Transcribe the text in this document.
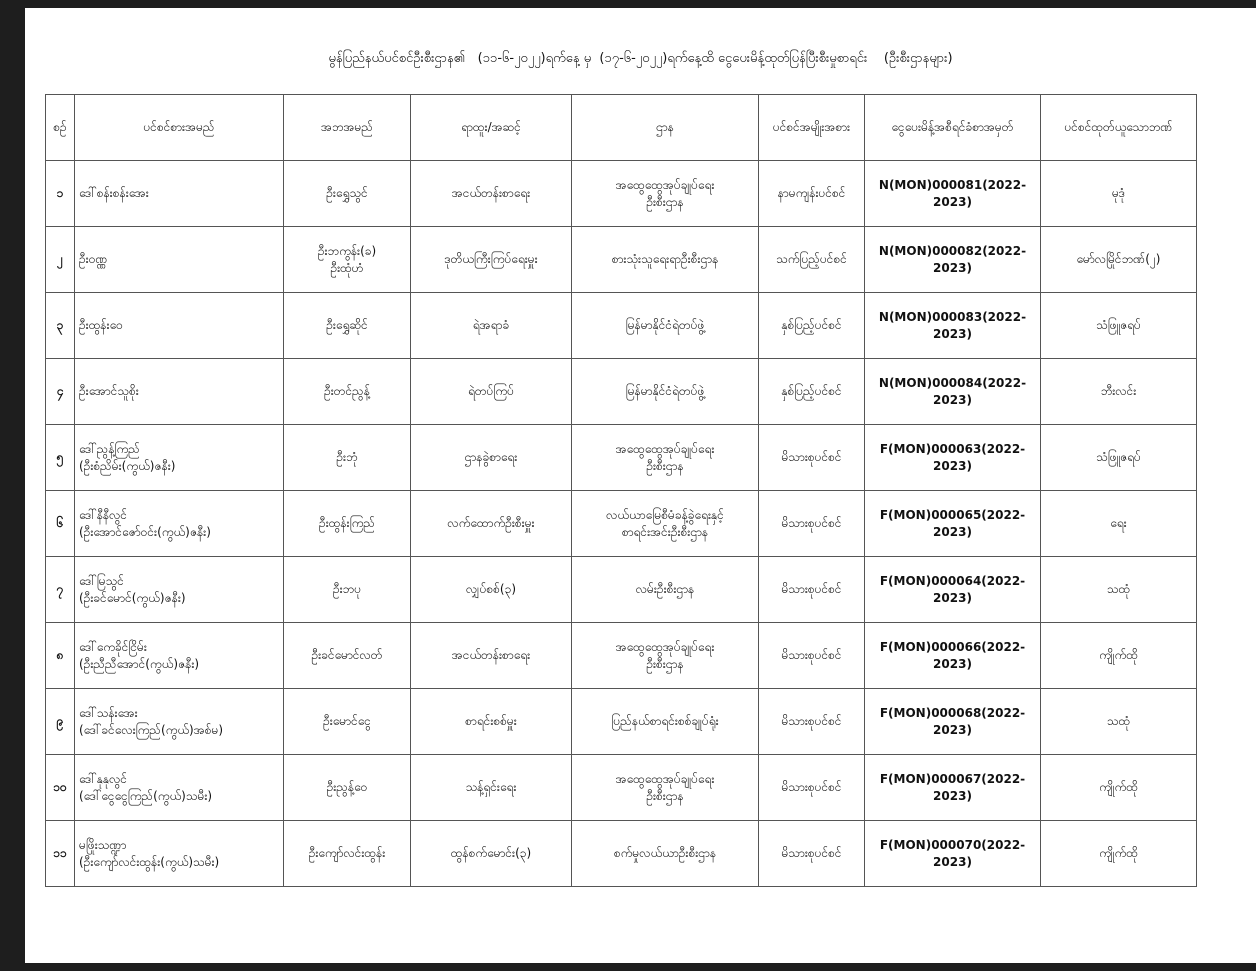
မွန်ပြည်နယ်ပင်စင်ဦးစီးဌာန၏   (၁၁-၆-၂၀၂၂)ရက်နေ့ မှ  (၁၇-၆-၂၀၂၂)ရက်နေ့ထိ ငွေပေးမိန့်ထုတ်ပြန်ပြီးစီးမှုစာရင်း    (ဦးစီးဌာနများ)
စဉ်	ပင်စင်စားအမည်	အဘအမည်	ရာထူး/အဆင့်	ဌာန	ပင်စင်အမျိုးအစား	ငွေပေးမိန့်အစီရင်ခံစာအမှတ်	ပင်စင်ထုတ်ယူသောဘဏ်
၁	ဒေါ်စန်းစန်းအေး	ဦးရွှေသွင်	အငယ်တန်းစာရေး	အထွေထွေအုပ်ချုပ်ရေး
ဦးစီးဌာန	နာမကျန်းပင်စင်	N(MON)000081(2022-2023)	မုဒုံ
၂	ဦးဝဏ္ဏ	ဦးဘကွန်း(ခ)
ဦးထုံဟံ	ဒုတိယကြီးကြပ်ရေးမှူး	စားသုံးသူရေးရာဦးစီးဌာန	သက်ပြည့်ပင်စင်	N(MON)000082(2022-2023)	မော်လမြိုင်ဘဏ်(၂)
၃	ဦးထွန်းဝေ	ဦးရွှေဆိုင်	ရဲအရာခံ	မြန်မာနိုင်ငံရဲတပ်ဖွဲ့	နှစ်ပြည့်ပင်စင်	N(MON)000083(2022-2023)	သံဖြူဇရပ်
၄	ဦးအောင်သူစိုး	ဦးတင်ညွန့်	ရဲတပ်ကြပ်	မြန်မာနိုင်ငံရဲတပ်ဖွဲ့	နှစ်ပြည့်ပင်စင်	N(MON)000084(2022-2023)	ဘီးလင်း
၅	ဒေါ်ညွန့်ကြည်
(ဦးစံညိမ်း(ကွယ်)ဇနီး)	ဦးဘုံ	ဌာနခွဲစာရေး	အထွေထွေအုပ်ချုပ်ရေး
ဦးစီးဌာန	မိသားစုပင်စင်	F(MON)000063(2022-2023)	သံဖြူဇရပ်
၆	ဒေါ်နီနီလွင်
(ဦးအောင်ဇော်ဝင်း(ကွယ်)ဇနီး)	ဦးထွန်းကြည်	လက်ထောက်ဦးစီးမှူး	လယ်ယာမြေစီမံခန့်ခွဲရေးနှင့်
စာရင်းအင်းဦးစီးဌာန	မိသားစုပင်စင်	F(MON)000065(2022-2023)	ရေး
၇	ဒေါ်မြသွင်
(ဦးခင်မောင်(ကွယ်)ဇနီး)	ဦးဘပု	လျှပ်စစ်(၃)	လမ်းဦးစီးဌာန	မိသားစုပင်စင်	F(MON)000064(2022-2023)	သထုံ
၈	ဒေါ်ကေခိုင်ငြိမ်း
(ဦးညီညီအောင်(ကွယ်)ဇနီး)	ဦးခင်မောင်လတ်	အငယ်တန်းစာရေး	အထွေထွေအုပ်ချုပ်ရေး
ဦးစီးဌာန	မိသားစုပင်စင်	F(MON)000066(2022-2023)	ကျိုက်ထို
၉	ဒေါ်သန်းအေး
(ဒေါ်ခင်လေးကြည်(ကွယ်)အစ်မ)	ဦးမောင်ငွေ	စာရင်းစစ်မှူး	ပြည်နယ်စာရင်းစစ်ချုပ်ရုံး	မိသားစုပင်စင်	F(MON)000068(2022-2023)	သထုံ
၁၀	ဒေါ်နုနုလွင်
(ဒေါ်ငွေငွေကြည်(ကွယ်)သမီး)	ဦးညွန့်ဝေ	သန့်ရှင်းရေး	အထွေထွေအုပ်ချုပ်ရေး
ဦးစီးဌာန	မိသားစုပင်စင်	F(MON)000067(2022-2023)	ကျိုက်ထို
၁၁	မဖြိုးသဏ္ဍာ
(ဦးကျော်လင်းထွန်း(ကွယ်)သမီး)	ဦးကျော်လင်းထွန်း	ထွန်စက်မောင်း(၃)	စက်မှုလယ်ယာဦးစီးဌာန	မိသားစုပင်စင်	F(MON)000070(2022-2023)	ကျိုက်ထို
